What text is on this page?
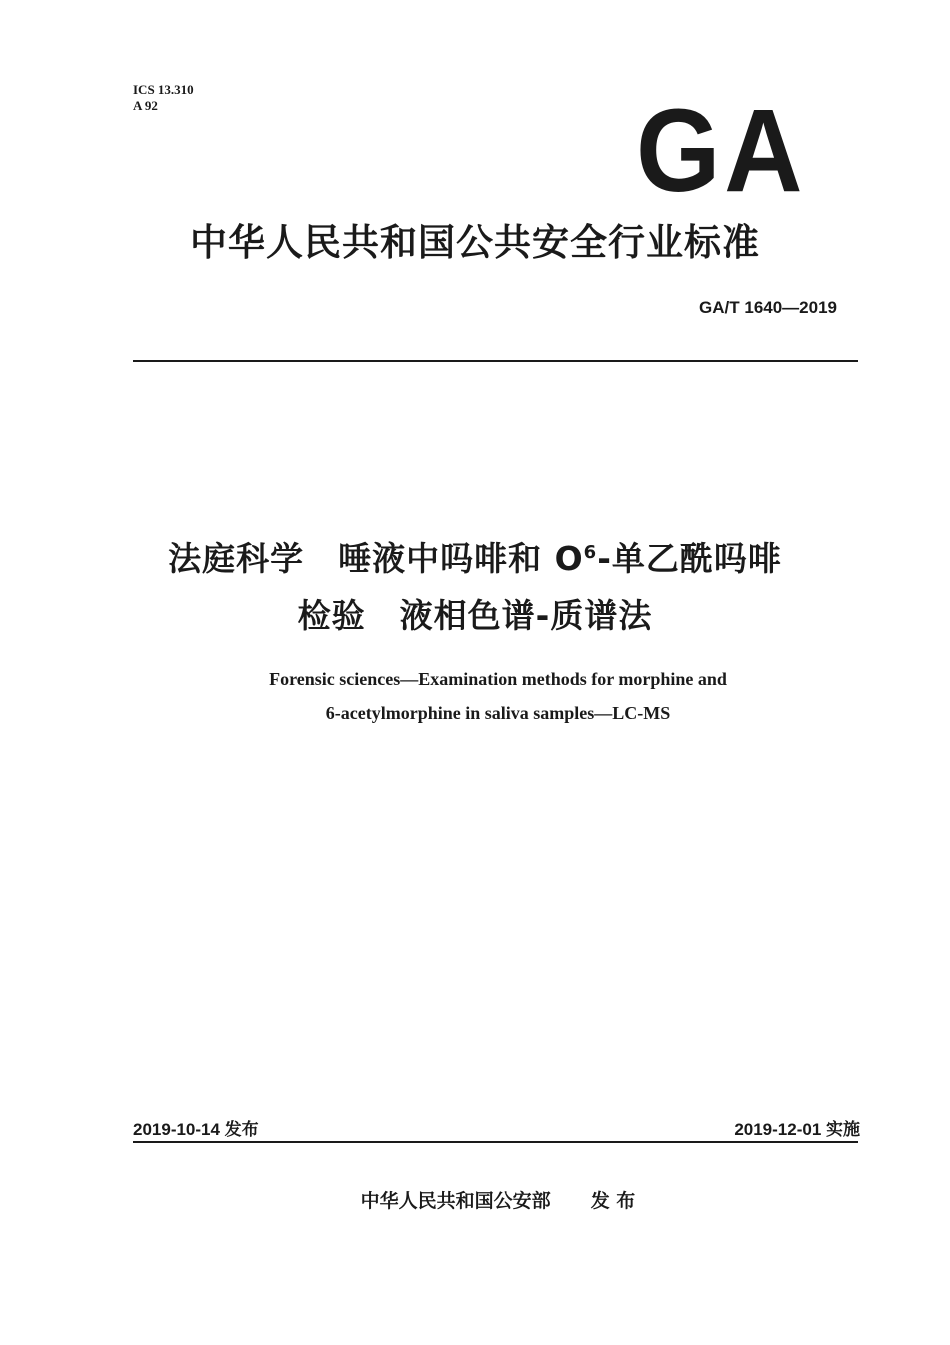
ICS 13.310
A 92	GA
中华人民共和国公共安全行业标准
GA/T 1640—2019
法庭科学　唾液中吗啡和 $O^6-$单乙酰吗啡
检验　液相色谱-质谱法
Forensic sciences—Examination methods for morphine and
6-acetylmorphine in saliva samples—LC-MS
2019-10-14 发布	2019-12-01 实施
中华人民共和国公安部 发 布
